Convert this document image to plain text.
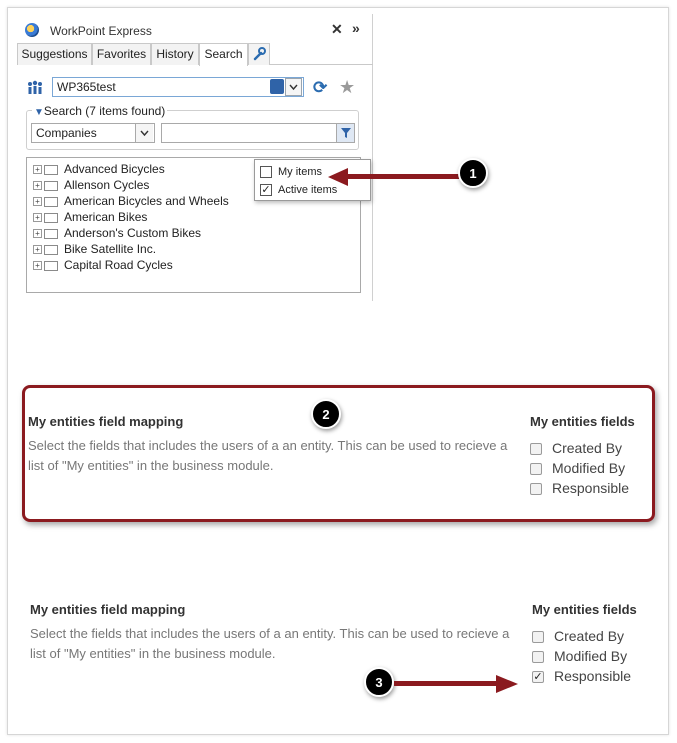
WorkPoint Express	✕ »
Suggestions Favorites History Search
WP365test	⟳ ★
▼Search (7 items found)
Companies
+ Advanced Bicycles
+ Allenson Cycles
+ American Bicycles and Wheels
+ American Bikes
+ Anderson's Custom Bikes
+ Bike Satellite Inc.
+ Capital Road Cycles
My items
✓ Active items
1
2
My entities field mapping
Select the fields that includes the users of a an entity. This can be used to recieve a list of "My entities" in the business module.
My entities fields
Created By
Modified By
Responsible
My entities field mapping
Select the fields that includes the users of a an entity. This can be used to recieve a list of "My entities" in the business module.
My entities fields
Created By
Modified By
✓ Responsible
3
